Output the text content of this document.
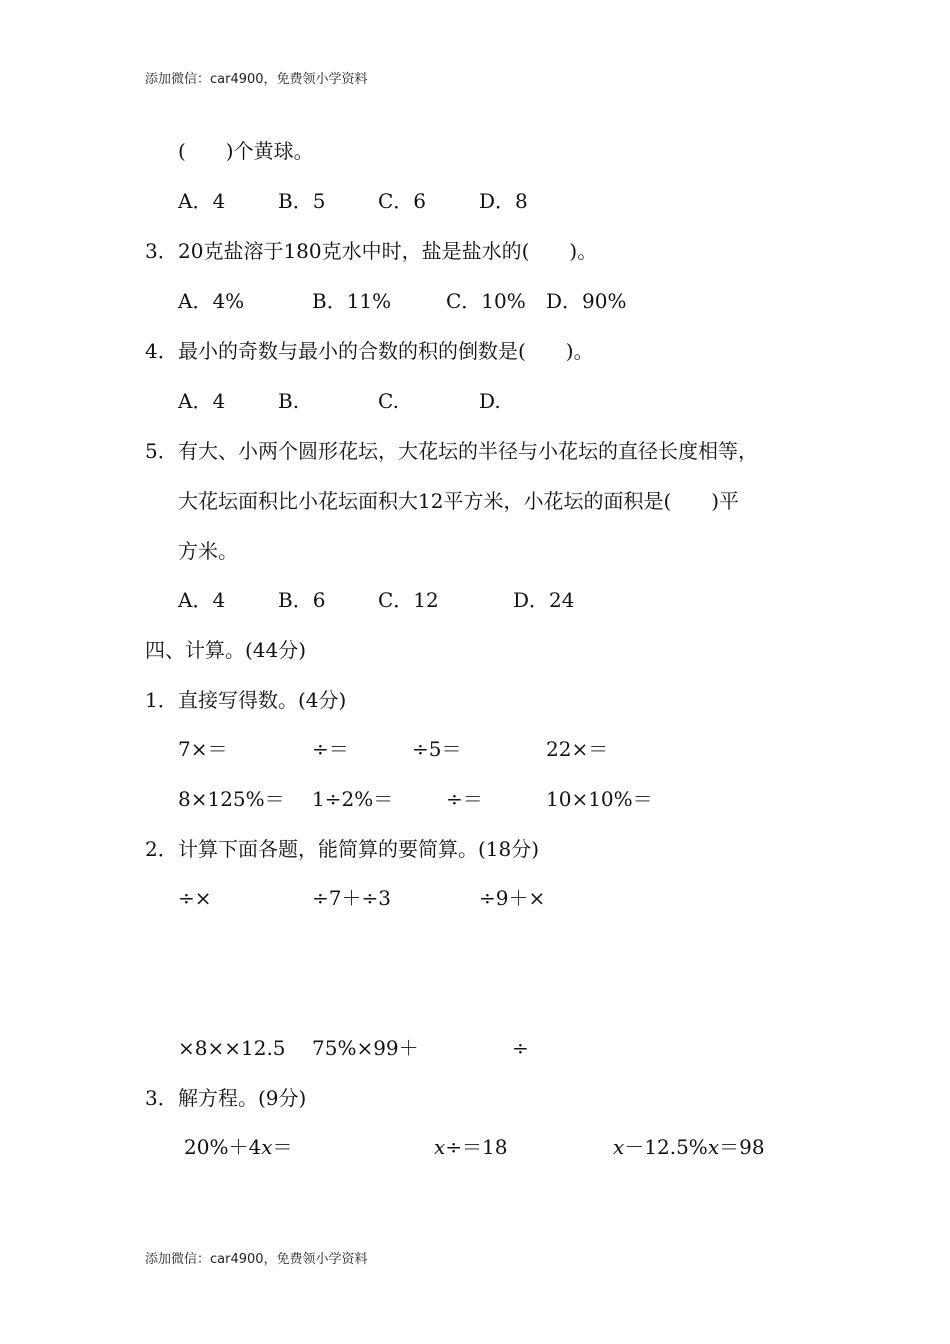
添加微信：car4900，免费领小学资料
(　　)个黄球。
A．4	B．5	C．6	D．8
3． 20克盐溶于180克水中时，盐是盐水的(　　)。
A．4%	B．11%	C．10% D．90%
4． 最小的奇数与最小的合数的积的倒数是(　　)。
A．4	B.	C.	D.
5． 有大、小两个圆形花坛，大花坛的半径与小花坛的直径长度相等，
大花坛面积比小花坛面积大12平方米，小花坛的面积是(　　)平
方米。
A．4	B．6	C．12	D．24
四、计算。(44分)
1． 直接写得数。(4分)
7×＝	÷＝	÷5＝	22×＝
8×125%＝ 1÷2%＝	÷＝	10×10%＝
2． 计算下面各题，能简算的要简算。(18分)
÷×	÷7＋÷3	÷9＋×
×8××12.5 75%×99＋	÷
3． 解方程。(9分)
20%＋4x＝	x÷＝18	x－12.5%x＝98
添加微信：car4900，免费领小学资料
